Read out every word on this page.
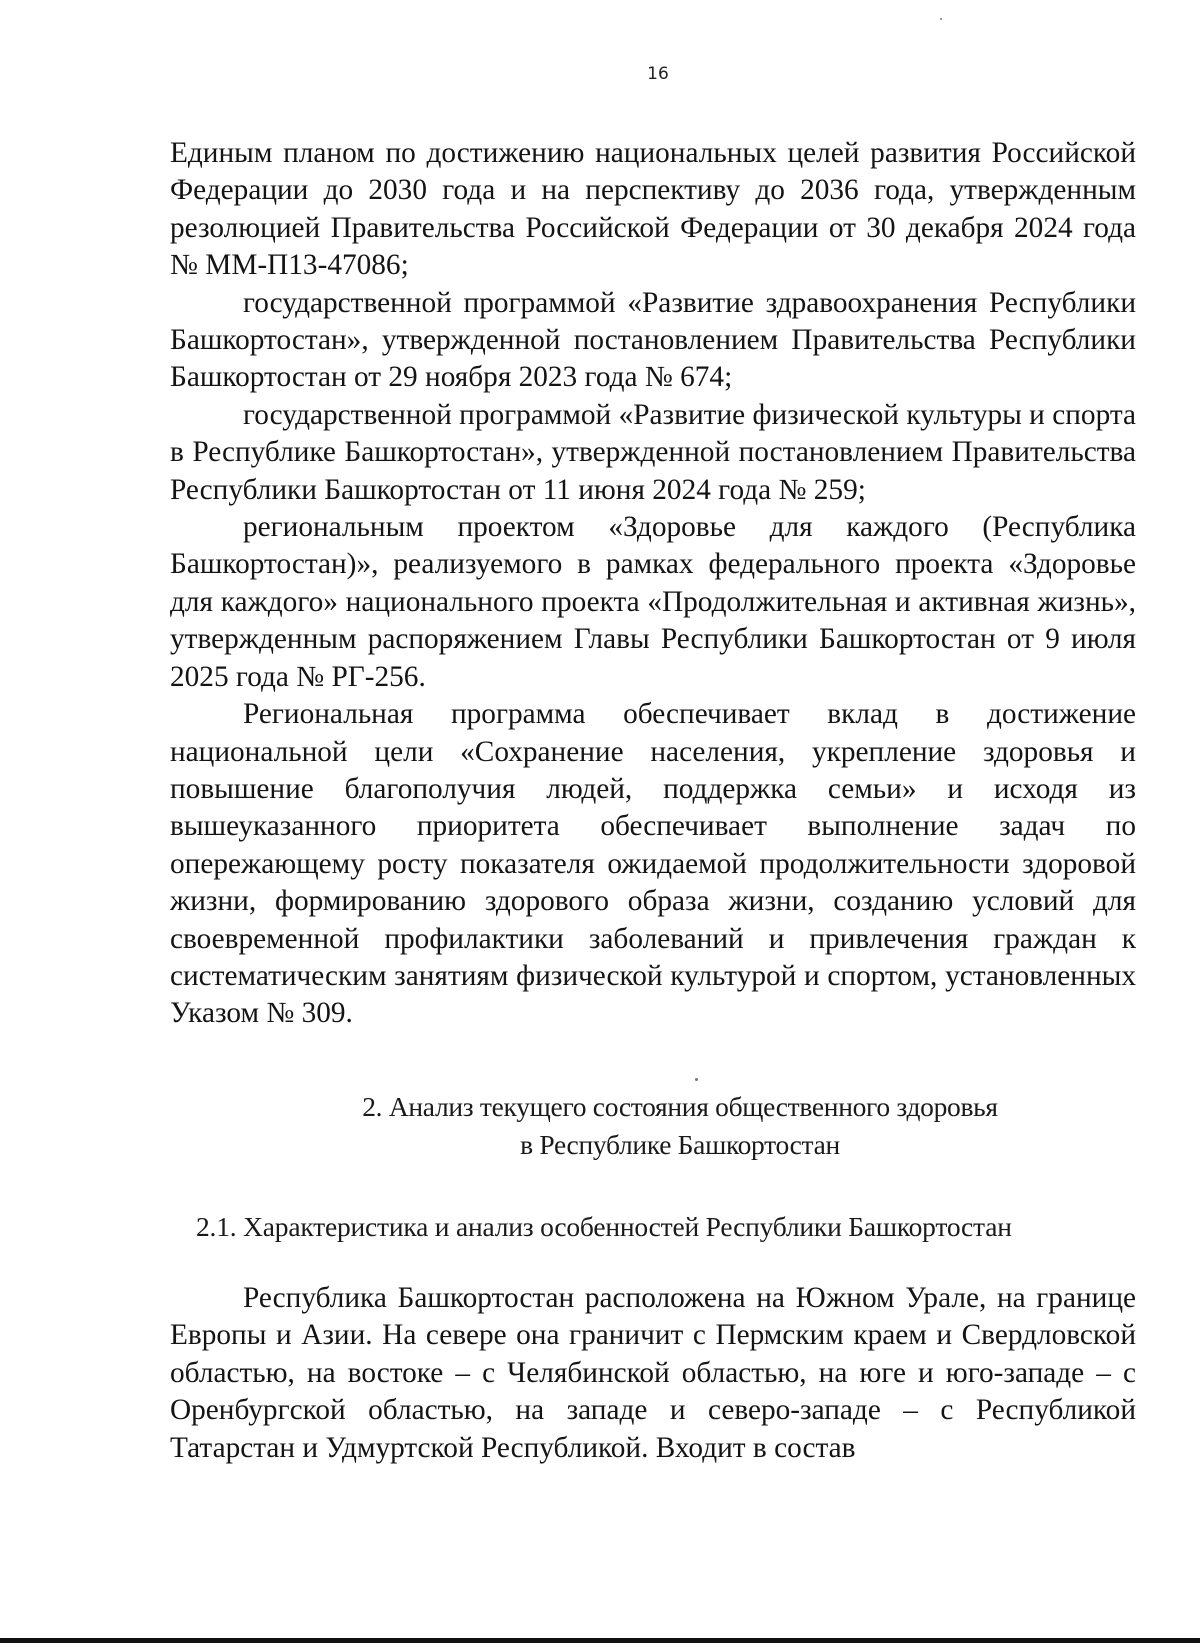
16

Единым планом по достижению национальных целей развития Российской Федерации до 2030 года и на перспективу до 2036 года, утвержденным резолюцией Правительства Российской Федерации от 30 декабря 2024 года № ММ-П13-47086;

государственной программой «Развитие здравоохранения Республики Башкортостан», утвержденной постановлением Правительства Республики Башкортостан от 29 ноября 2023 года № 674;

государственной программой «Развитие физической культуры и спорта в Республике Башкортостан», утвержденной постановлением Правительства Республики Башкортостан от 11 июня 2024 года № 259;

региональным проектом «Здоровье для каждого (Республика Башкортостан)», реализуемого в рамках федерального проекта «Здоровье для каждого» национального проекта «Продолжительная и активная жизнь», утвержденным распоряжением Главы Республики Башкортостан от 9 июля 2025 года № РГ-256.

Региональная программа обеспечивает вклад в достижение национальной цели «Сохранение населения, укрепление здоровья и повышение благополучия людей, поддержка семьи» и исходя из вышеуказанного приоритета обеспечивает выполнение задач по опережающему росту показателя ожидаемой продолжительности здоровой жизни, формированию здорового образа жизни, созданию условий для своевременной профилактики заболеваний и привлечения граждан к систематическим занятиям физической культурой и спортом, установленных Указом № 309.

2. Анализ текущего состояния общественного здоровья
в Республике Башкортостан
2.1. Характеристика и анализ особенностей Республики Башкортостан

Республика Башкортостан расположена на Южном Урале, на границе Европы и Азии. На севере она граничит с Пермским краем и Свердловской областью, на востоке – с Челябинской областью, на юге и юго-западе – с Оренбургской областью, на западе и северо-западе – с Республикой Татарстан и Удмуртской Республикой. Входит в состав
